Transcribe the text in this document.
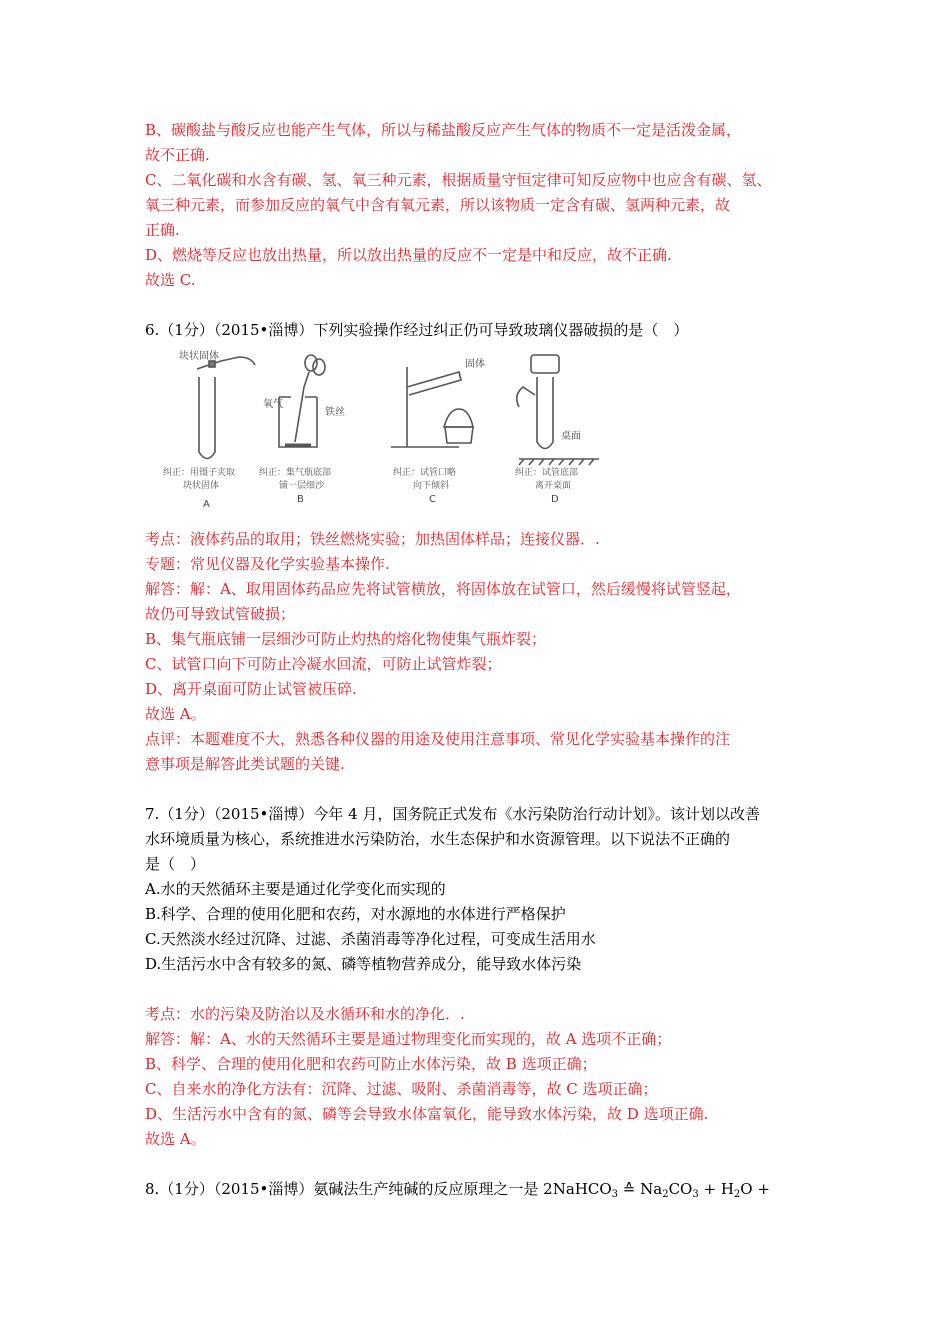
B、碳酸盐与酸反应也能产生气体，所以与稀盐酸反应产生气体的物质不一定是活泼金属，
故不正确.
C、二氧化碳和水含有碳、氢、氧三种元素，根据质量守恒定律可知反应物中也应含有碳、氢、
氧三种元素，而参加反应的氧气中含有氧元素，所以该物质一定含有碳、氢两种元素，故
正确.
D、燃烧等反应也放出热量，所以放出热量的反应不一定是中和反应，故不正确.
故选 C.
6.（1分）（2015•淄博）下列实验操作经过纠正仍可导致玻璃仪器破损的是（　）
块状固体
氧气
铁丝
固体
桌面
纠正：用镊子夹取
块状固体
纠正：集气瓶底部
铺一层细沙
纠正：试管口略
向下倾斜
纠正：试管底部
离开桌面
A	B	C	D
考点：液体药品的取用；铁丝燃烧实验；加热固体样品；连接仪器．.
专题：常见仪器及化学实验基本操作.
解答：解：A、取用固体药品应先将试管横放，将固体放在试管口，然后缓慢将试管竖起，
故仍可导致试管破损；
B、集气瓶底铺一层细沙可防止灼热的熔化物使集气瓶炸裂；
C、试管口向下可防止冷凝水回流，可防止试管炸裂；
D、离开桌面可防止试管被压碎.
故选 A。
点评：本题难度不大，熟悉各种仪器的用途及使用注意事项、常见化学实验基本操作的注
意事项是解答此类试题的关键.
7.（1分）（2015•淄博）今年 4 月，国务院正式发布《水污染防治行动计划》。该计划以改善
水环境质量为核心，系统推进水污染防治，水生态保护和水资源管理。以下说法不正确的
是（　）
A.水的天然循环主要是通过化学变化而实现的
B.科学、合理的使用化肥和农药，对水源地的水体进行严格保护
C.天然淡水经过沉降、过滤、杀菌消毒等净化过程，可变成生活用水
D.生活污水中含有较多的氮、磷等植物营养成分，能导致水体污染
考点：水的污染及防治以及水循环和水的净化．.
解答：解：A、水的天然循环主要是通过物理变化而实现的，故 A 选项不正确；
B、科学、合理的使用化肥和农药可防止水体污染，故 B 选项正确；
C、自来水的净化方法有：沉降、过滤、吸附、杀菌消毒等，故 C 选项正确；
D、生活污水中含有的氮、磷等会导致水体富氧化，能导致水体污染，故 D 选项正确.
故选 A。
8.（1分）（2015•淄博）氨碱法生产纯碱的反应原理之一是 2NaHCO$_3$ ≙ $Na_2CO_3 + H_2O$ +
